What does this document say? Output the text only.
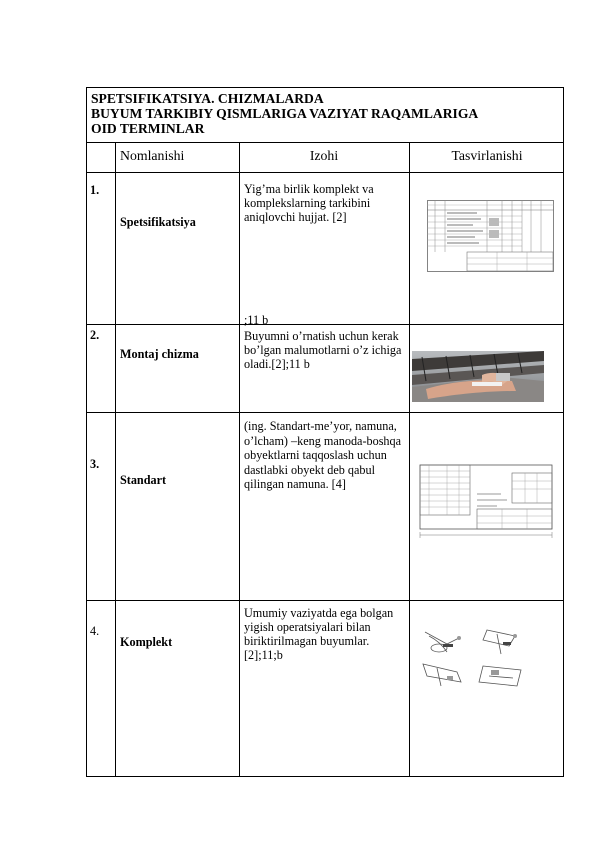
SPETSIFIKATSIYA. CHIZMALARDA
BUYUM TARKIBIY QISMLARIGA VAZIYAT RAQAMLARIGA
OID TERMINLAR
Nomlanishi	Izohi	Tasvirlanishi
1.
Spetsifikatsiya
Yig’ma birlik komplekt va komplekslarning tarkibini aniqlovchi hujjat. [2]
;11 b
2.
Montaj chizma
Buyumni o’rnatish uchun kerak bo’lgan malumotlarni o’z ichiga oladi.[2];11 b
3.
Standart
(ing. Standart-me’yor, namuna, o’lcham) –keng manoda-boshqa obyektlarni taqqoslash uchun dastlabki obyekt deb qabul qilingan namuna. [4]
4.
Komplekt
Umumiy vaziyatda ega bolgan yigish operatsiyalari bilan biriktirilmagan buyumlar.[2];11;b
